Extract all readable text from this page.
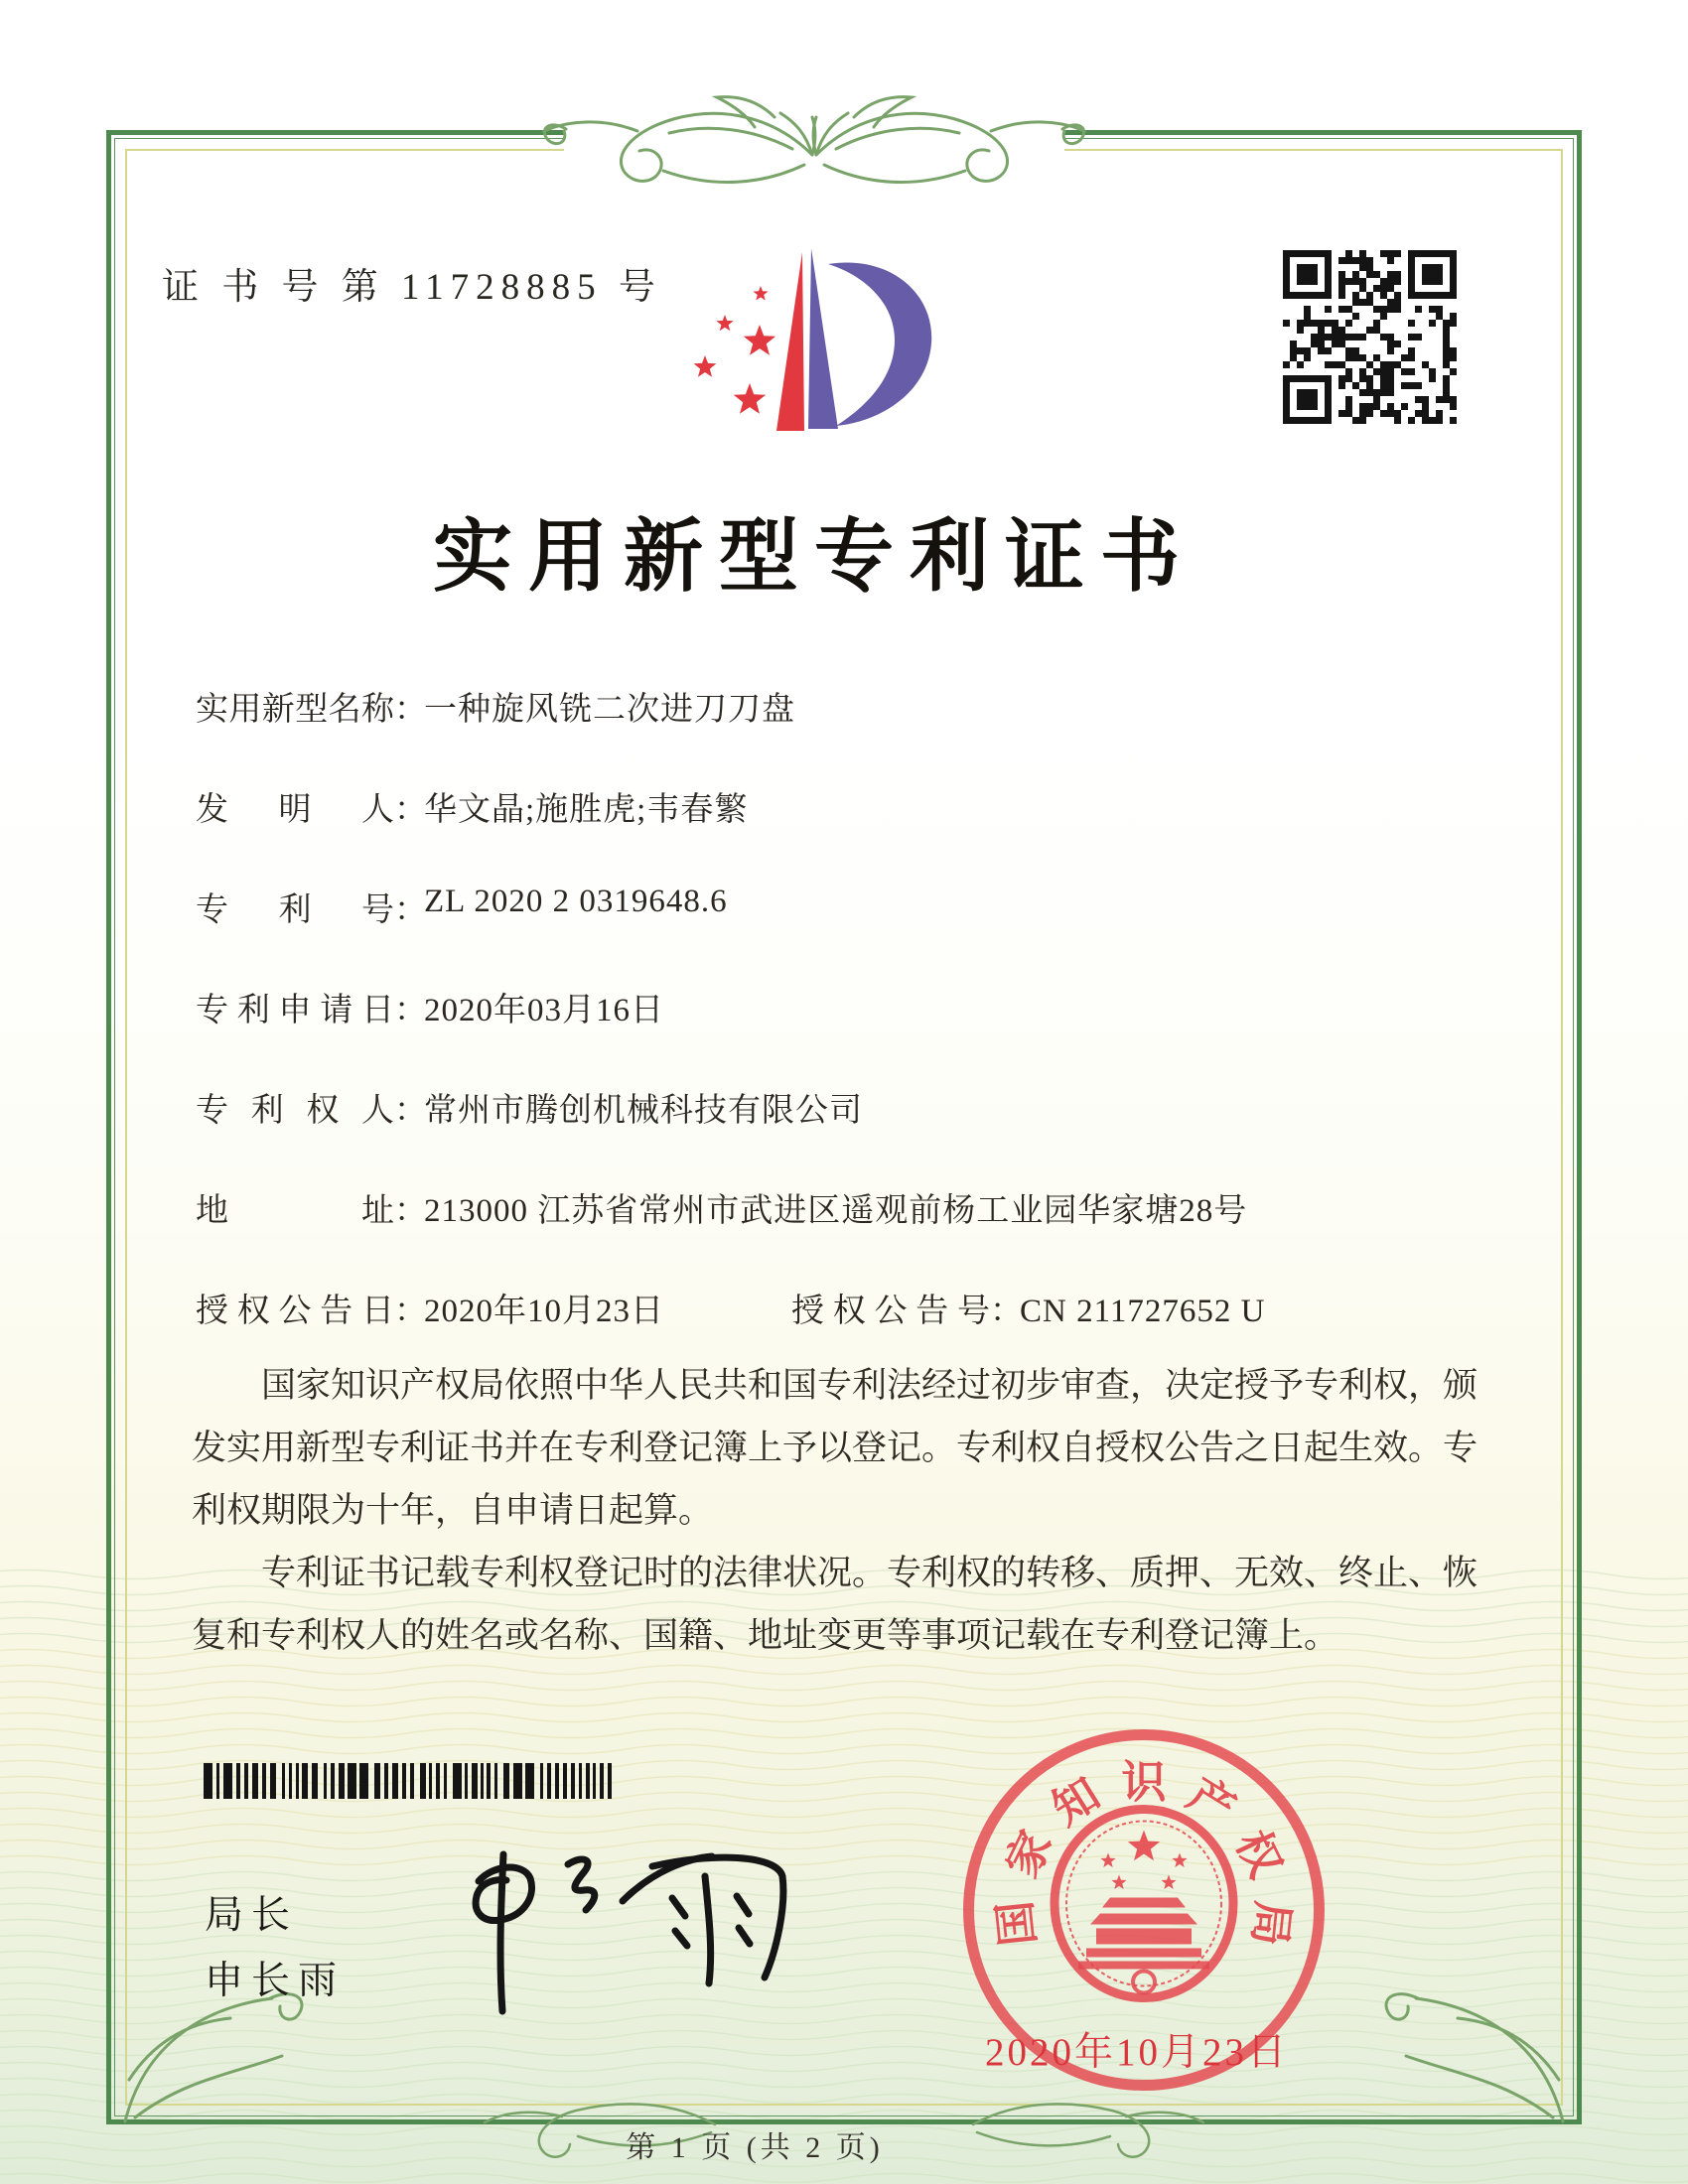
证 书 号 第 11728885 号
实用新型专利证书
实用新型名称：一种旋风铣二次进刀刀盘
发明人：华文晶;施胜虎;韦春繁
专利号：ZL 2020 2 0319648.6
专利申请日：2020年03月16日
专利权人：常州市腾创机械科技有限公司
地址：213000 江苏省常州市武进区遥观前杨工业园华家塘28号
授权公告日：2020年10月23日	授权公告号：CN 211727652 U

国家知识产权局依照中华人民共和国专利法经过初步审查，决定授予专利权，颁发实用新型专利证书并在专利登记簿上予以登记。专利权自授权公告之日起生效。专利权期限为十年，自申请日起算。

专利证书记载专利权登记时的法律状况。专利权的转移、质押、无效、终止、恢复和专利权人的姓名或名称、国籍、地址变更等事项记载在专利登记簿上。

局长
申长雨
国
家
知 识 产
权
局
2020年10月23日
第 1 页 (共 2 页)
